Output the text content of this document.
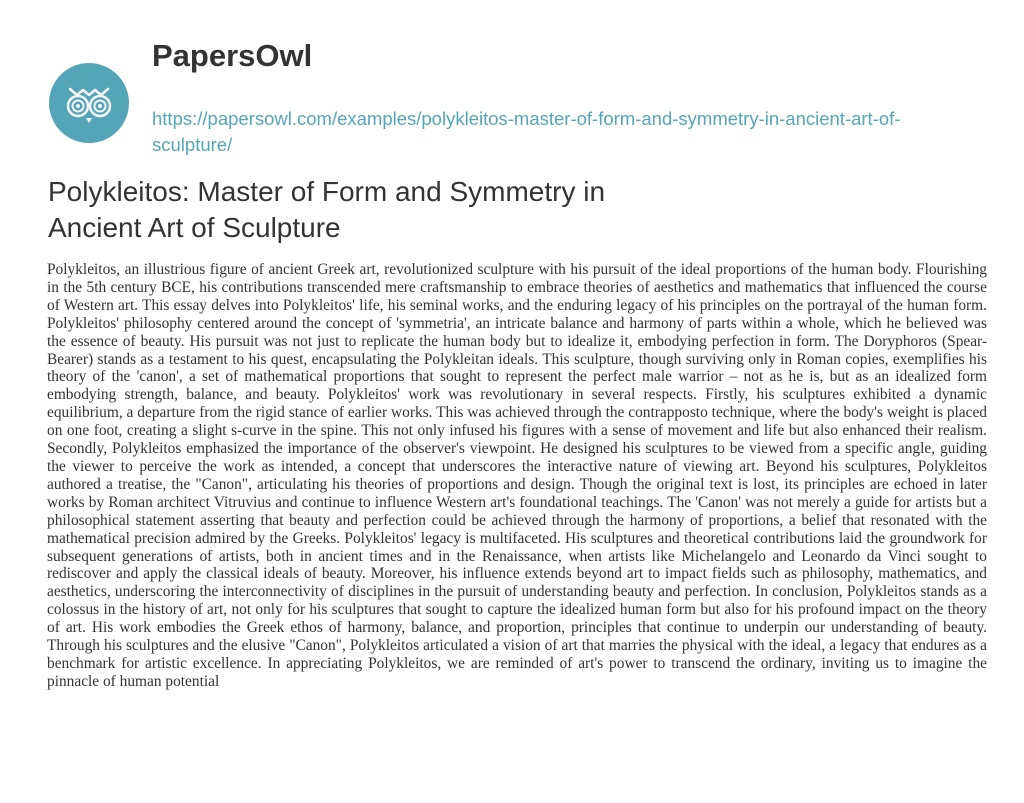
PapersOwl
https://papersowl.com/examples/polykleitos-master-of-form-and-symmetry-in-ancient-art-of-sculpture/
Polykleitos: Master of Form and Symmetry in Ancient Art of Sculpture

Polykleitos, an illustrious figure of ancient Greek art, revolutionized sculpture with his pursuit of the ideal proportions of the human body. Flourishing in the 5th century BCE, his contributions transcended mere craftsmanship to embrace theories of aesthetics and mathematics that influenced the course of Western art. This essay delves into Polykleitos' life, his seminal works, and the enduring legacy of his principles on the portrayal of the human form. Polykleitos' philosophy centered around the concept of 'symmetria', an intricate balance and harmony of parts within a whole, which he believed was the essence of beauty. His pursuit was not just to replicate the human body but to idealize it, embodying perfection in form. The Doryphoros (Spear-Bearer) stands as a testament to his quest, encapsulating the Polykleitan ideals. This sculpture, though surviving only in Roman copies, exemplifies his theory of the 'canon', a set of mathematical proportions that sought to represent the perfect male warrior – not as he is, but as an idealized form embodying strength, balance, and beauty. Polykleitos' work was revolutionary in several respects. Firstly, his sculptures exhibited a dynamic equilibrium, a departure from the rigid stance of earlier works. This was achieved through the contrapposto technique, where the body's weight is placed on one foot, creating a slight s-curve in the spine. This not only infused his figures with a sense of movement and life but also enhanced their realism. Secondly, Polykleitos emphasized the importance of the observer's viewpoint. He designed his sculptures to be viewed from a specific angle, guiding the viewer to perceive the work as intended, a concept that underscores the interactive nature of viewing art. Beyond his sculptures, Polykleitos authored a treatise, the "Canon", articulating his theories of proportions and design. Though the original text is lost, its principles are echoed in later works by Roman architect Vitruvius and continue to influence Western art's foundational teachings. The 'Canon' was not merely a guide for artists but a philosophical statement asserting that beauty and perfection could be achieved through the harmony of proportions, a belief that resonated with the mathematical precision admired by the Greeks. Polykleitos' legacy is multifaceted. His sculptures and theoretical contributions laid the groundwork for subsequent generations of artists, both in ancient times and in the Renaissance, when artists like Michelangelo and Leonardo da Vinci sought to rediscover and apply the classical ideals of beauty. Moreover, his influence extends beyond art to impact fields such as philosophy, mathematics, and aesthetics, underscoring the interconnectivity of disciplines in the pursuit of understanding beauty and perfection. In conclusion, Polykleitos stands as a colossus in the history of art, not only for his sculptures that sought to capture the idealized human form but also for his profound impact on the theory of art. His work embodies the Greek ethos of harmony, balance, and proportion, principles that continue to underpin our understanding of beauty. Through his sculptures and the elusive "Canon", Polykleitos articulated a vision of art that marries the physical with the ideal, a legacy that endures as a benchmark for artistic excellence. In appreciating Polykleitos, we are reminded of art's power to transcend the ordinary, inviting us to imagine the pinnacle of human potential
